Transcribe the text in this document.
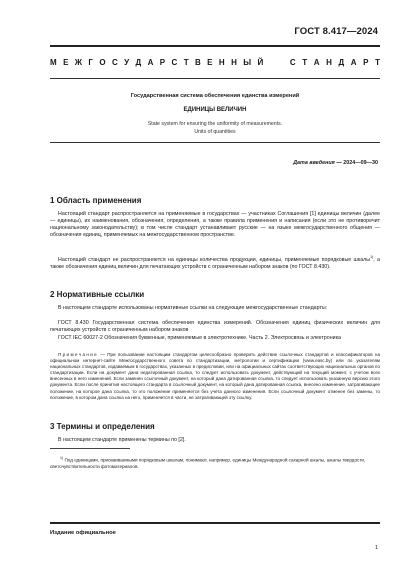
ГОСТ 8.417—2024
М Е Ж Г О С У Д А Р С Т В Е Н Н Ы Й	С Т А Н Д А Р Т
Государственная система обеспечения единства измерений
ЕДИНИЦЫ ВЕЛИЧИН
State system for ensuring the uniformity of measurements.
Units of quantities
Дата введения — 2024—09—30
1 Область применения

Настоящий стандарт распространяется на применяемые в государствах — участниках Соглашения [1] единицы величин (далее — единицы), их наименования, обозначения, определения, а также правила применения и написания (если это не противоречит национальному законодательству); в том числе стандарт устанавливает русские — на языке межгосударственного общения — обозначения единиц, применяемых на межгосударственном пространстве.

Настоящий стандарт не распространяется на единицы количества продукции, единицы, применяемые порядковые шкалы$^{1)}$, а также обозначения единиц величин для печатающих устройств с ограниченным набором знаков (по ГОСТ 8.430).

2 Нормативные ссылки

В настоящем стандарте использованы нормативные ссылки на следующие межгосударственные стандарты:

ГОСТ 8.430 Государственная система обеспечения единства измерений. Обозначения единиц физических величин для печатающих устройств с ограниченным набором знаков

ГОСТ IEC 60027-2 Обозначения буквенные, применяемые в электротехнике. Часть 2. Электросвязь и электроника

Примечание — При пользовании настоящим стандартом целесообразно проверить действие ссылочных стандартов и классификаторов на официальном интернет-сайте Межгосударственного совета по стандартизации, метрологии и сертификации (www.easc.by) или по указателям национальных стандартов, издаваемым в государствах, указанных в предисловии, или на официальных сайтах соответствующих национальных органов по стандартизации. Если на документ дана недатированная ссылка, то следует использовать документ, действующий на текущий момент, с учетом всех внесенных в него изменений. Если заменен ссылочный документ, на который дана датированная ссылка, то следует использовать указанную версию этого документа. Если после принятия настоящего стандарта в ссылочный документ, на который дана датированная ссылка, внесено изменение, затрагивающее положение, на которое дана ссылка, то это положение применяется без учета данного изменения. Если ссылочный документ отменен без замены, то положение, в котором дана ссылка на него, применяется в части, не затрагивающей эту ссылку.

3 Термины и определения

В настоящем стандарте применены термины по [2].

$^{1)}$ Под единицами, присваиваемыми порядковым шкалам, понимают, например, единицы Международной сахарной шкалы, шкалы твердости, светочувствительности фотоматериалов.

Издание официальное
1
